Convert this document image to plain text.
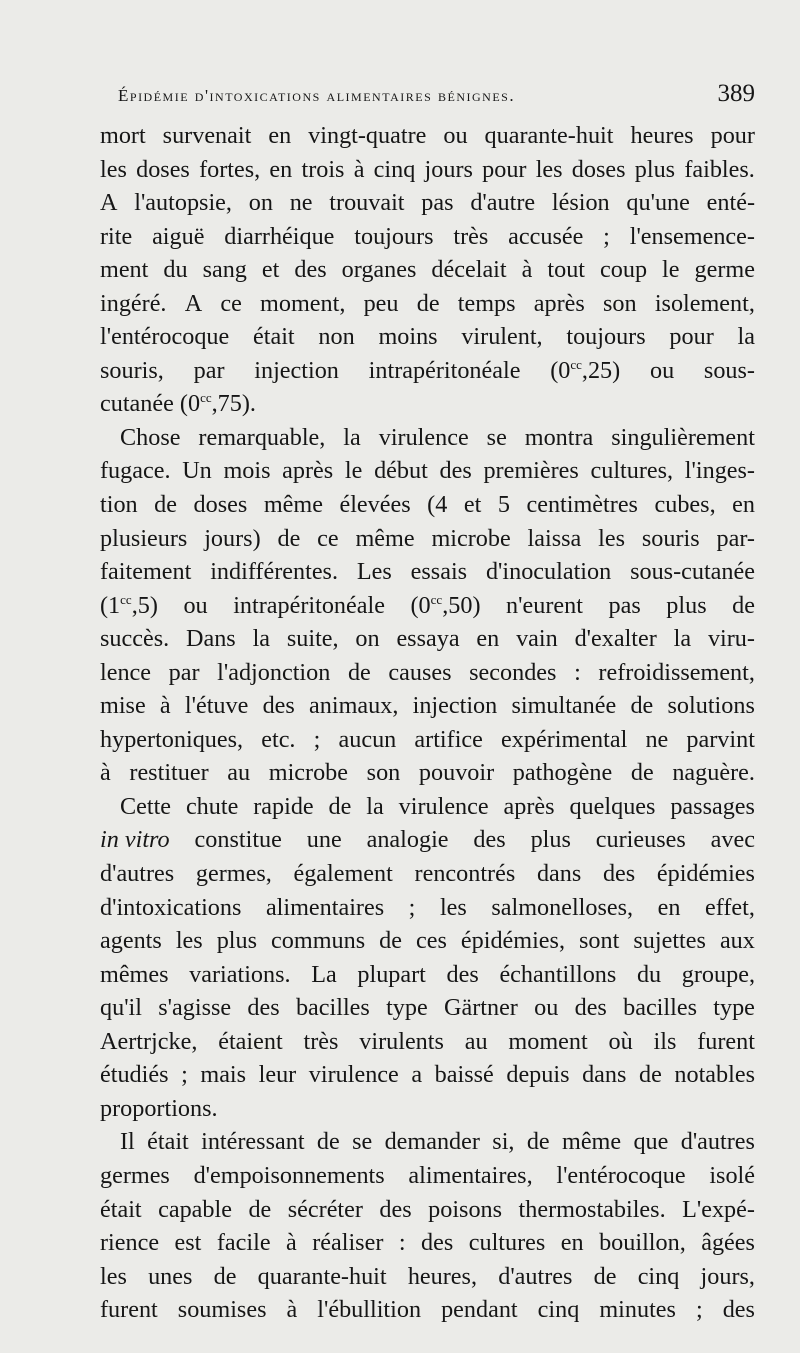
Épidémie d'intoxications alimentaires bénignes.	389
mort survenait en vingt-quatre ou quarante-huit heures pour
les doses fortes, en trois à cinq jours pour les doses plus faibles.
A l'autopsie, on ne trouvait pas d'autre lésion qu'une enté-
rite aiguë diarrhéique toujours très accusée ; l'ensemence-
ment du sang et des organes décelait à tout coup le germe
ingéré. A ce moment, peu de temps après son isolement,
l'entérocoque était non moins virulent, toujours pour la
souris, par injection intrapéritonéale $(0^{cc},25)$ ou sous-
cutanée
$(0^{cc},75)$.
Chose remarquable, la virulence se montra singulièrement
fugace. Un mois après le début des premières cultures, l'inges-
tion de doses même élevées (4 et 5 centimètres cubes, en
plusieurs jours) de ce même microbe laissa les souris par-
faitement indifférentes. Les essais d'inoculation sous-cutanée
$(1^{cc},5)$ ou intrapéritonéale $(0^{cc},50)$ n'eurent pas plus de
succès. Dans la suite, on essaya en vain d'exalter la viru-
lence par l'adjonction de causes secondes : refroidissement,
mise à l'étuve des animaux, injection simultanée de solutions
hypertoniques, etc. ; aucun artifice expérimental ne parvint
à restituer au microbe son pouvoir pathogène de naguère.
Cette chute rapide de la virulence après quelques passages
in vitro constitue une analogie des plus curieuses avec
d'autres germes, également rencontrés dans des épidémies
d'intoxications alimentaires ; les salmonelloses, en effet,
agents les plus communs de ces épidémies, sont sujettes aux
mêmes variations. La plupart des échantillons du groupe,
qu'il s'agisse des bacilles type Gärtner ou des bacilles type
Aertrjcke, étaient très virulents au moment où ils furent
étudiés ; mais leur virulence a baissé depuis dans de notables
proportions.
Il était intéressant de se demander si, de même que d'autres
germes d'empoisonnements alimentaires, l'entérocoque isolé
était capable de sécréter des poisons thermostabiles. L'expé-
rience est facile à réaliser : des cultures en bouillon, âgées
les unes de quarante-huit heures, d'autres de cinq jours,
furent soumises à l'ébullition pendant cinq minutes ; des
